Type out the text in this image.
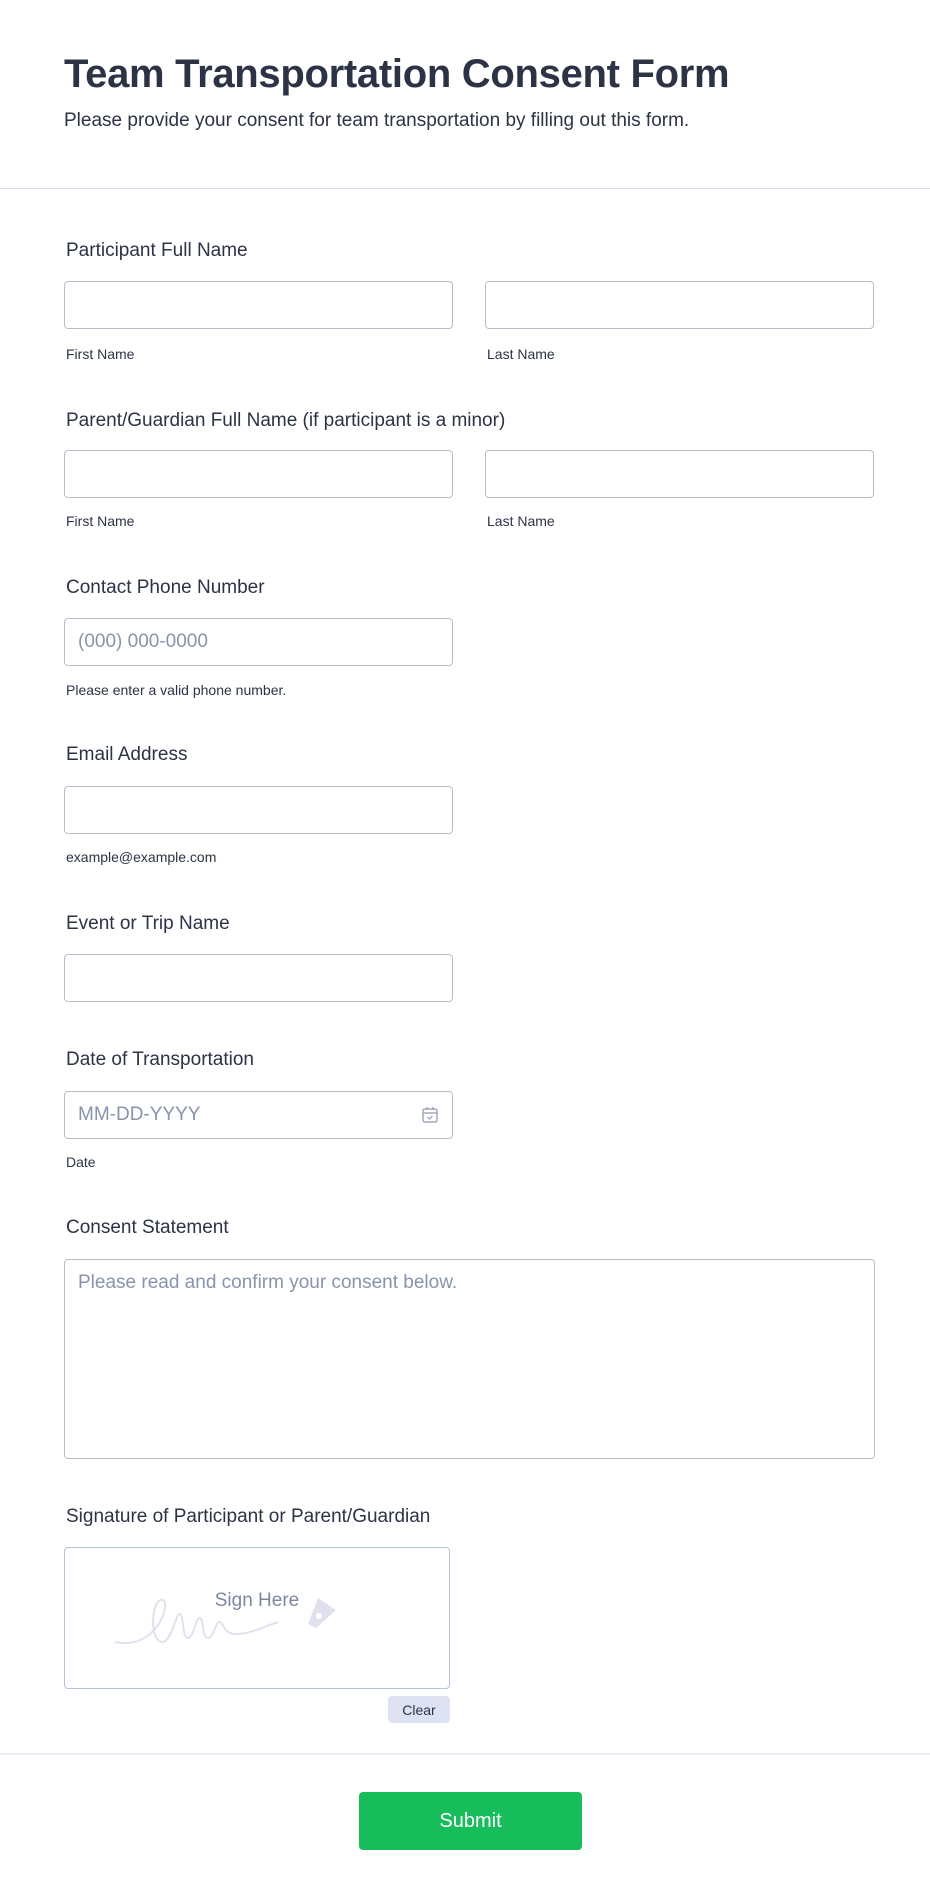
Team Transportation Consent Form
Please provide your consent for team transportation by filling out this form.
Participant Full Name
First Name	Last Name
Parent/Guardian Full Name (if participant is a minor)
First Name	Last Name
Contact Phone Number
(000) 000-0000
Please enter a valid phone number.
Email Address
example@example.com
Event or Trip Name
Date of Transportation
MM-DD-YYYY
Date
Consent Statement
Please read and confirm your consent below.
Signature of Participant or Parent/Guardian
Sign Here
Clear
Submit
